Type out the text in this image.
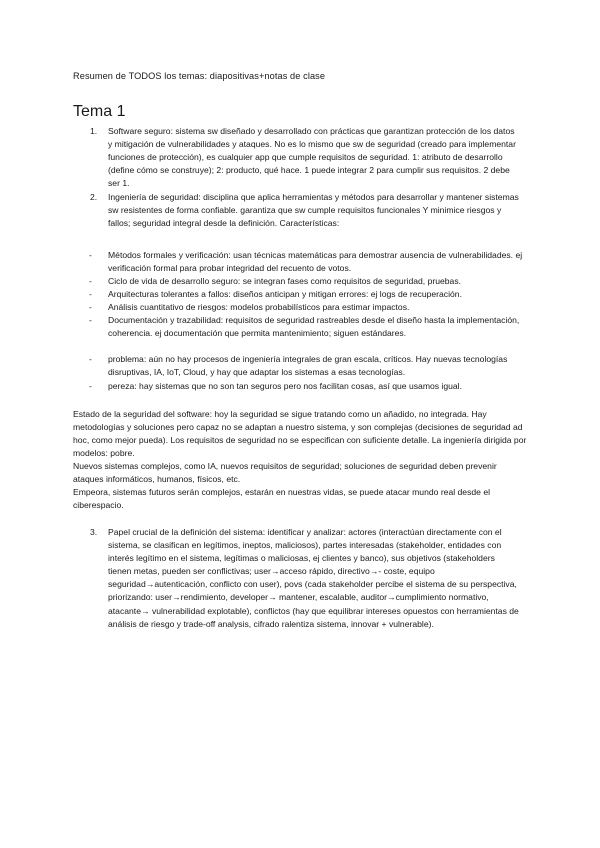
Resumen de TODOS los temas: diapositivas+notas de clase
Tema 1
1. Software seguro: sistema sw diseñado y desarrollado con prácticas que garantizan protección de los datos y mitigación de vulnerabilidades y ataques. No es lo mismo que sw de seguridad (creado para implementar funciones de protección), es cualquier app que cumple requisitos de seguridad. 1: atributo de desarrollo (define cómo se construye); 2: producto, qué hace. 1 puede integrar 2 para cumplir sus requisitos. 2 debe ser 1.
2. Ingeniería de seguridad: disciplina que aplica herramientas y métodos para desarrollar y mantener sistemas sw resistentes de forma confiable. garantiza que sw cumple requisitos funcionales Y minimice riesgos y fallos; seguridad integral desde la definición. Características:
- Métodos formales y verificación: usan técnicas matemáticas para demostrar ausencia de vulnerabilidades. ej verificación formal para probar integridad del recuento de votos.
- Ciclo de vida de desarrollo seguro: se integran fases como requisitos de seguridad, pruebas.
- Arquitecturas tolerantes a fallos: diseños anticipan y mitigan errores: ej logs de recuperación.
- Análisis cuantitativo de riesgos: modelos probabilísticos para estimar impactos.
- Documentación y trazabilidad: requisitos de seguridad rastreables desde el diseño hasta la implementación, coherencia. ej documentación que permita mantenimiento; siguen estándares.
- problema: aún no hay procesos de ingeniería integrales de gran escala, críticos. Hay nuevas tecnologías disruptivas, IA, IoT, Cloud, y hay que adaptar los sistemas a esas tecnologías.
- pereza: hay sistemas que no son tan seguros pero nos facilitan cosas, así que usamos igual.
Estado de la seguridad del software: hoy la seguridad se sigue tratando como un añadido, no integrada. Hay metodologías y soluciones pero capaz no se adaptan a nuestro sistema, y son complejas (decisiones de seguridad ad hoc, como mejor pueda). Los requisitos de seguridad no se especifican con suficiente detalle. La ingeniería dirigida por modelos: pobre.
Nuevos sistemas complejos, como IA, nuevos requisitos de seguridad; soluciones de seguridad deben prevenir ataques informáticos, humanos, físicos, etc.
Empeora, sistemas futuros serán complejos, estarán en nuestras vidas, se puede atacar mundo real desde el ciberespacio.
3. Papel crucial de la definición del sistema: identificar y analizar: actores (interactúan directamente con el sistema, se clasifican en legítimos, ineptos, maliciosos), partes interesadas (stakeholder, entidades con interés legítimo en el sistema, legítimas o maliciosas, ej clientes y banco), sus objetivos (stakeholders tienen metas, pueden ser conflictivas; user→acceso rápido, directivo→- coste, equipo seguridad→autenticación, conflicto con user), povs (cada stakeholder percibe el sistema de su perspectiva, priorizando: user→rendimiento, developer→ mantener, escalable, auditor→cumplimiento normativo, atacante→ vulnerabilidad explotable), conflictos (hay que equilibrar intereses opuestos con herramientas de análisis de riesgo y trade-off analysis, cifrado ralentiza sistema, innovar + vulnerable).
